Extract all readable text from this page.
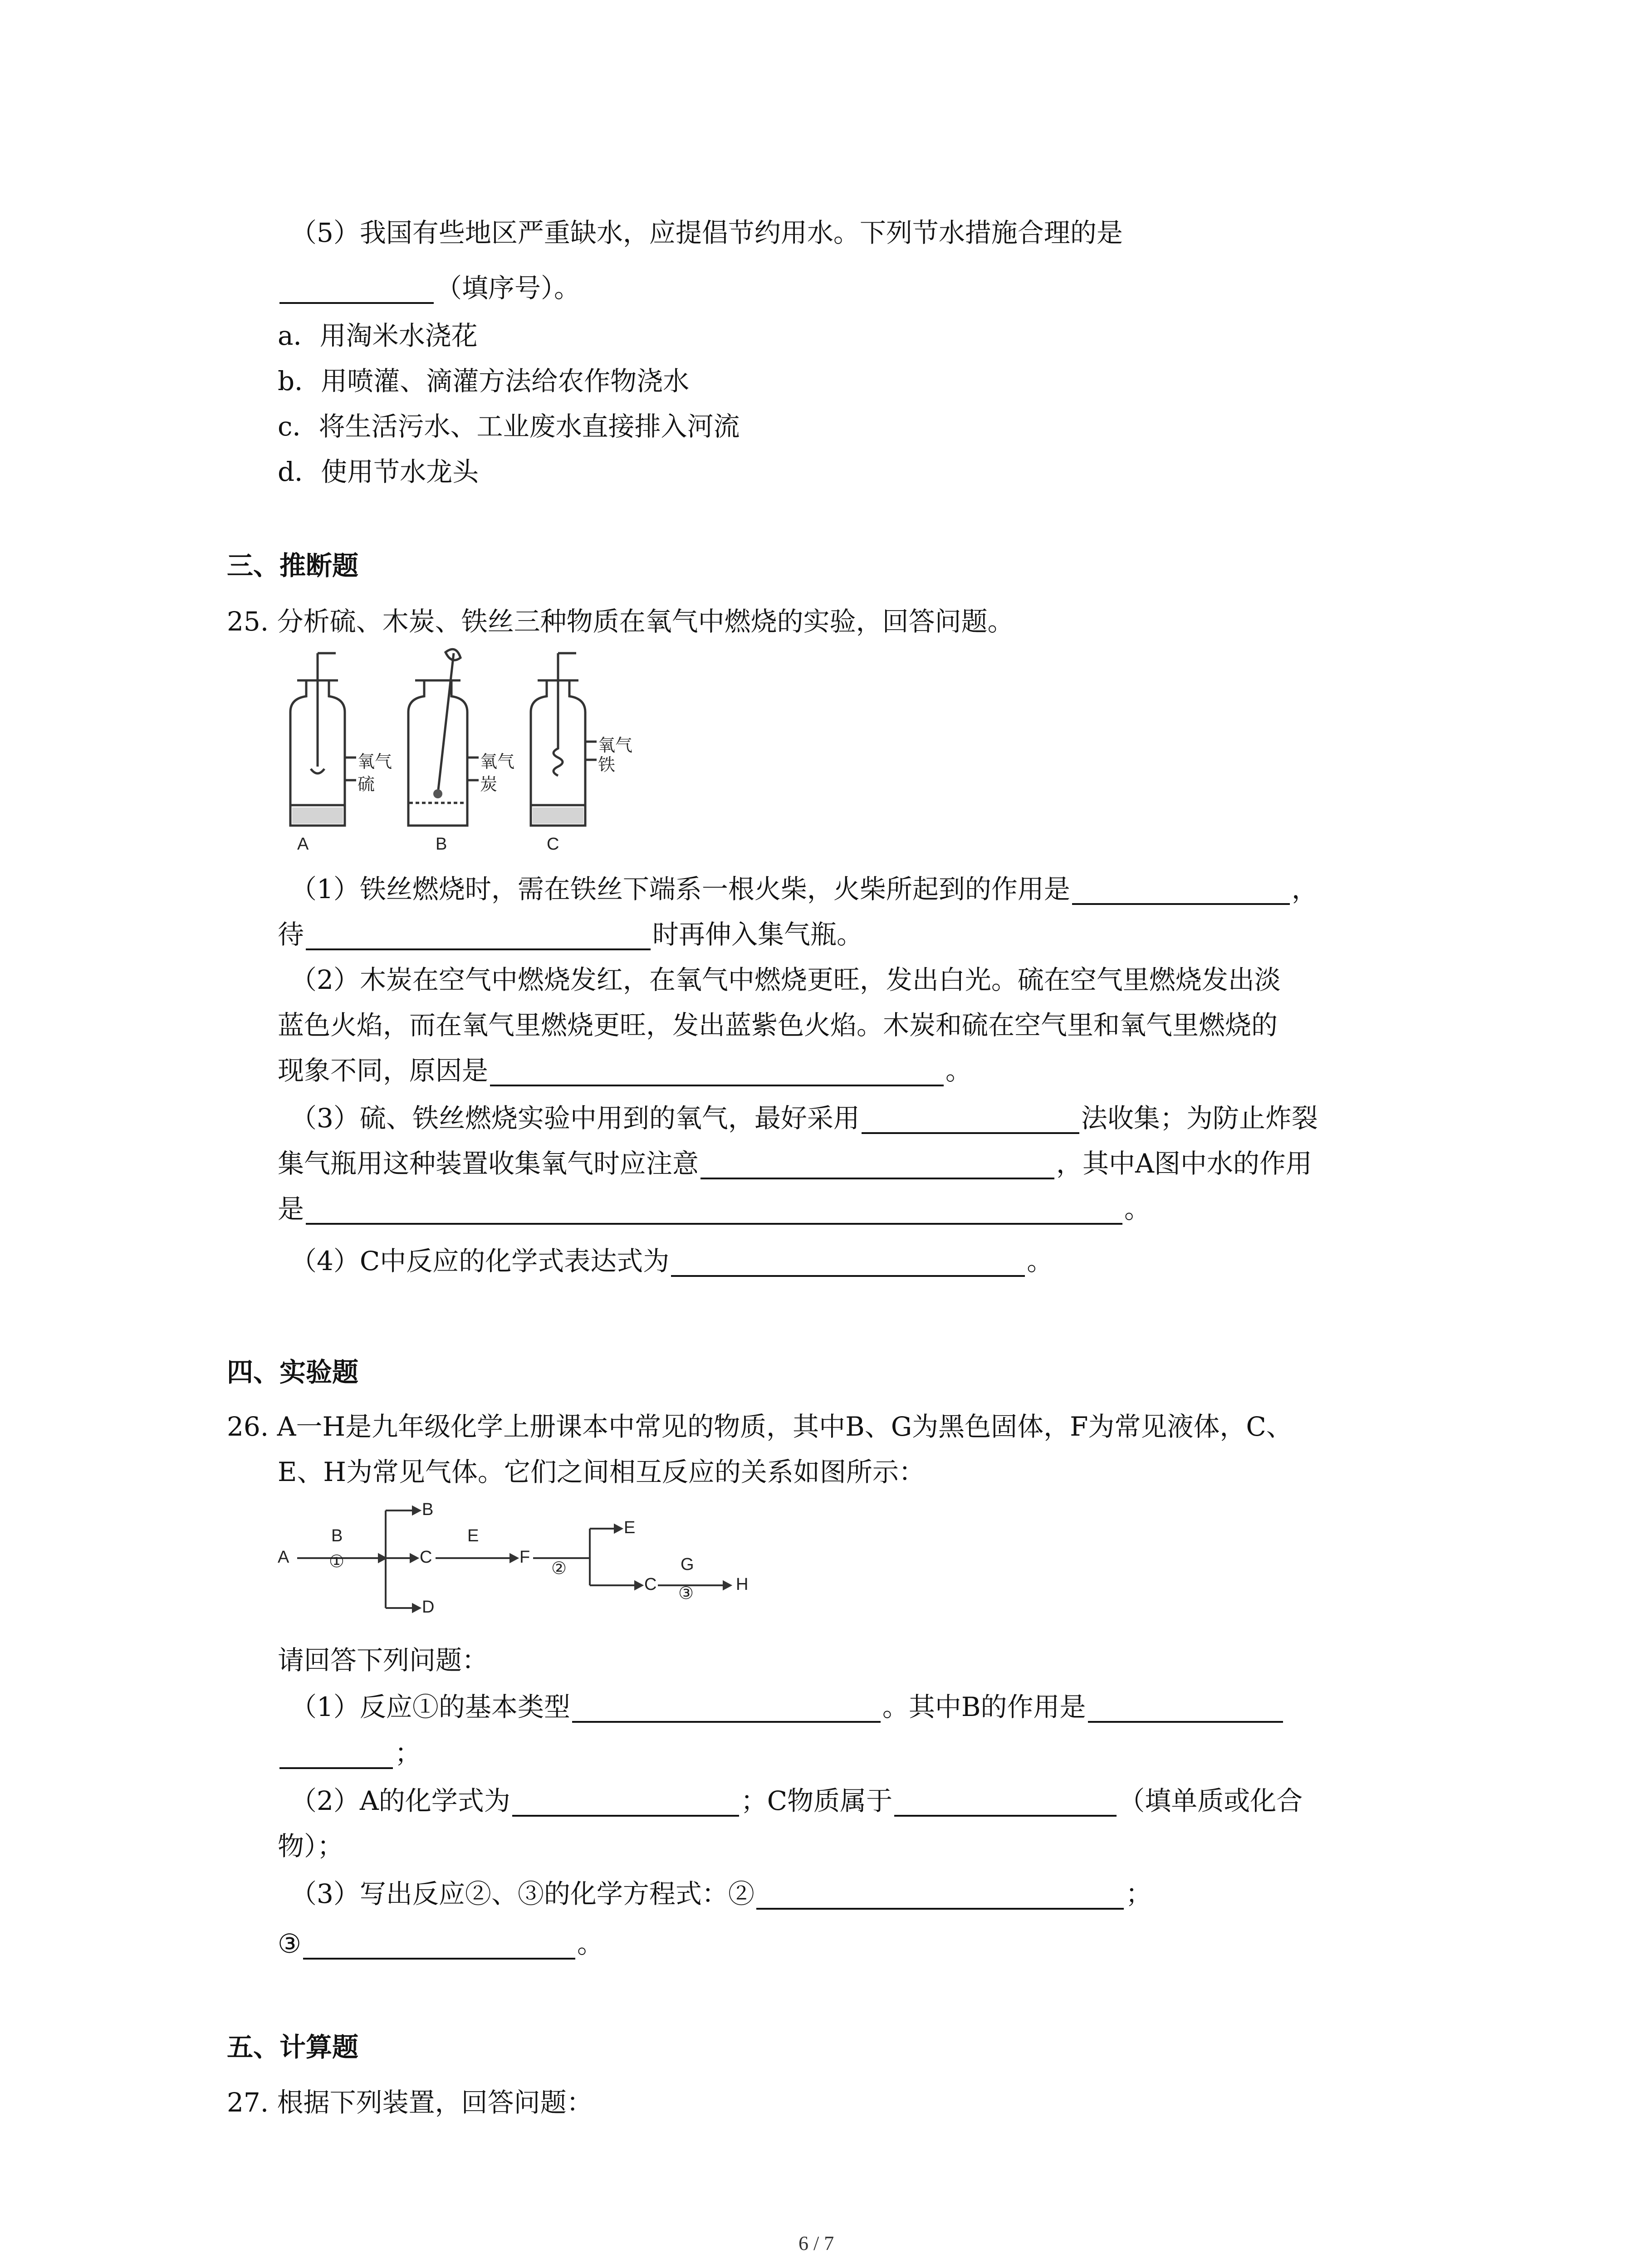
（5）我国有些地区严重缺水，应提倡节约用水。下列节水措施合理的是
（填序号）。
a．用淘米水浇花
b．用喷灌、滴灌方法给农作物浇水
c．将生活污水、工业废水直接排入河流
d．使用节水龙头
三、推断题
25. 分析硫、木炭、铁丝三种物质在氧气中燃烧的实验，回答问题。
氧气
硫
氧气
炭
氧气
铁
A	B	C
（1）铁丝燃烧时，需在铁丝下端系一根火柴，火柴所起到的作用是	，
待	时再伸入集气瓶。
（2）木炭在空气中燃烧发红，在氧气中燃烧更旺，发出白光。硫在空气里燃烧发出淡
蓝色火焰，而在氧气里燃烧更旺，发出蓝紫色火焰。木炭和硫在空气里和氧气里燃烧的
现象不同，原因是	。
（3）硫、铁丝燃烧实验中用到的氧气，最好采用	法收集；为防止炸裂
集气瓶用这种装置收集氧气时应注意	，其中A图中水的作用
是	。
（4）C中反应的化学式表达式为	。
四、实验题
26. A一H是九年级化学上册课本中常见的物质，其中B、G为黑色固体，F为常见液体，C、
E、H为常见气体。它们之间相互反应的关系如图所示：
A
B
①
B
C
D
E
F
②
E
C
G
③ H
请回答下列问题：
（1）反应①的基本类型	。其中B的作用是
；
（2）A的化学式为	；C物质属于	（填单质或化合
物）；
（3）写出反应②、③的化学方程式：②	；
③	。
五、计算题
27. 根据下列装置，回答问题：
6 / 7
